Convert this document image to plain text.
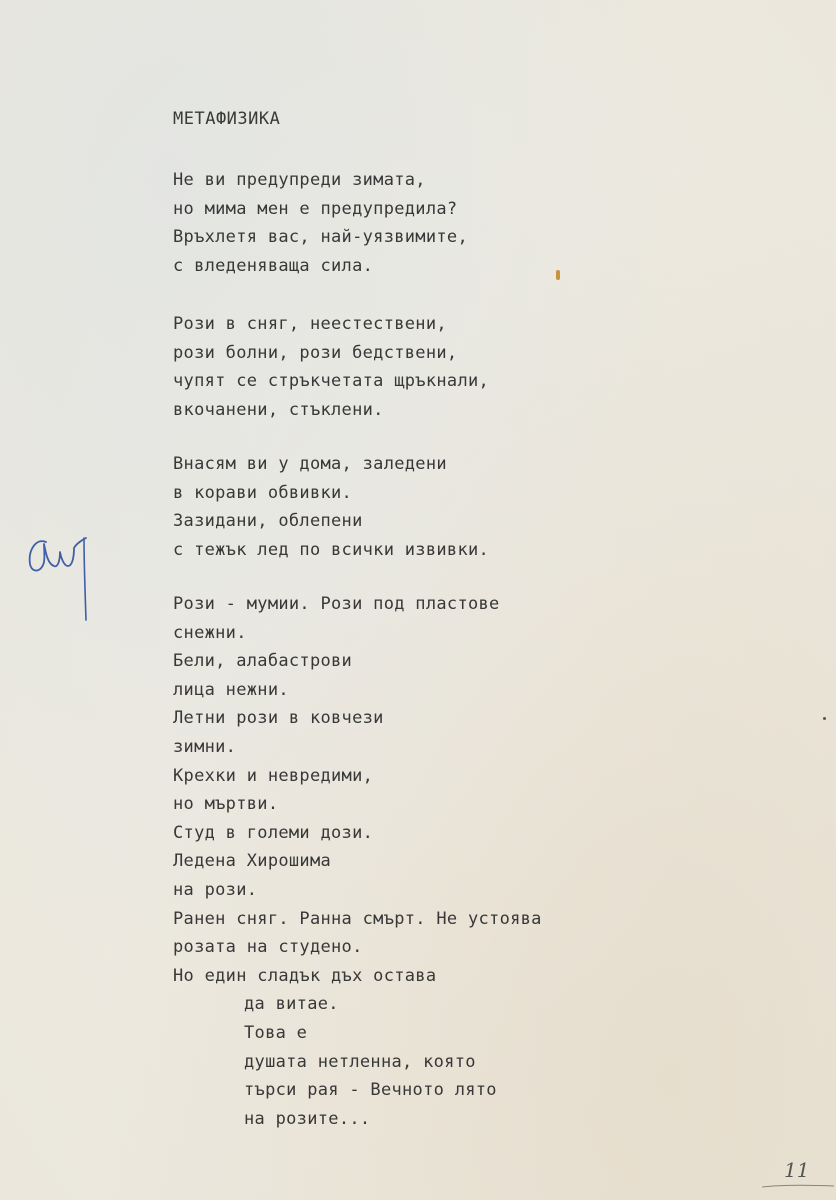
МЕТАФИЗИКА
Не ви предупреди зимата,
но мима мен е предупредила?
Връхлетя вас, най-уязвимите,
с вледеняваща сила.
Рози в сняг, неестествени,
рози болни, рози бедствени,
чупят се стръкчетата щръкнали,
вкочанени, стъклени.
Внасям ви у дома, заледени
в корави обвивки.
Зазидани, облепени
с тежък лед по всички извивки.
Рози - мумии. Рози под пластове
снежни.
Бели, алабастрови
лица нежни.
Летни рози в ковчези
зимни.
Крехки и невредими,
но мъртви.
Студ в големи дози.
Ледена Хирошима
на рози.
Ранен сняг. Ранна смърт. Не устоява
розата на студено.
Но един сладък дъх остава
да витае.
Това е
душата нетленна, която
търси рая - Вечното лято
на розите...
11
